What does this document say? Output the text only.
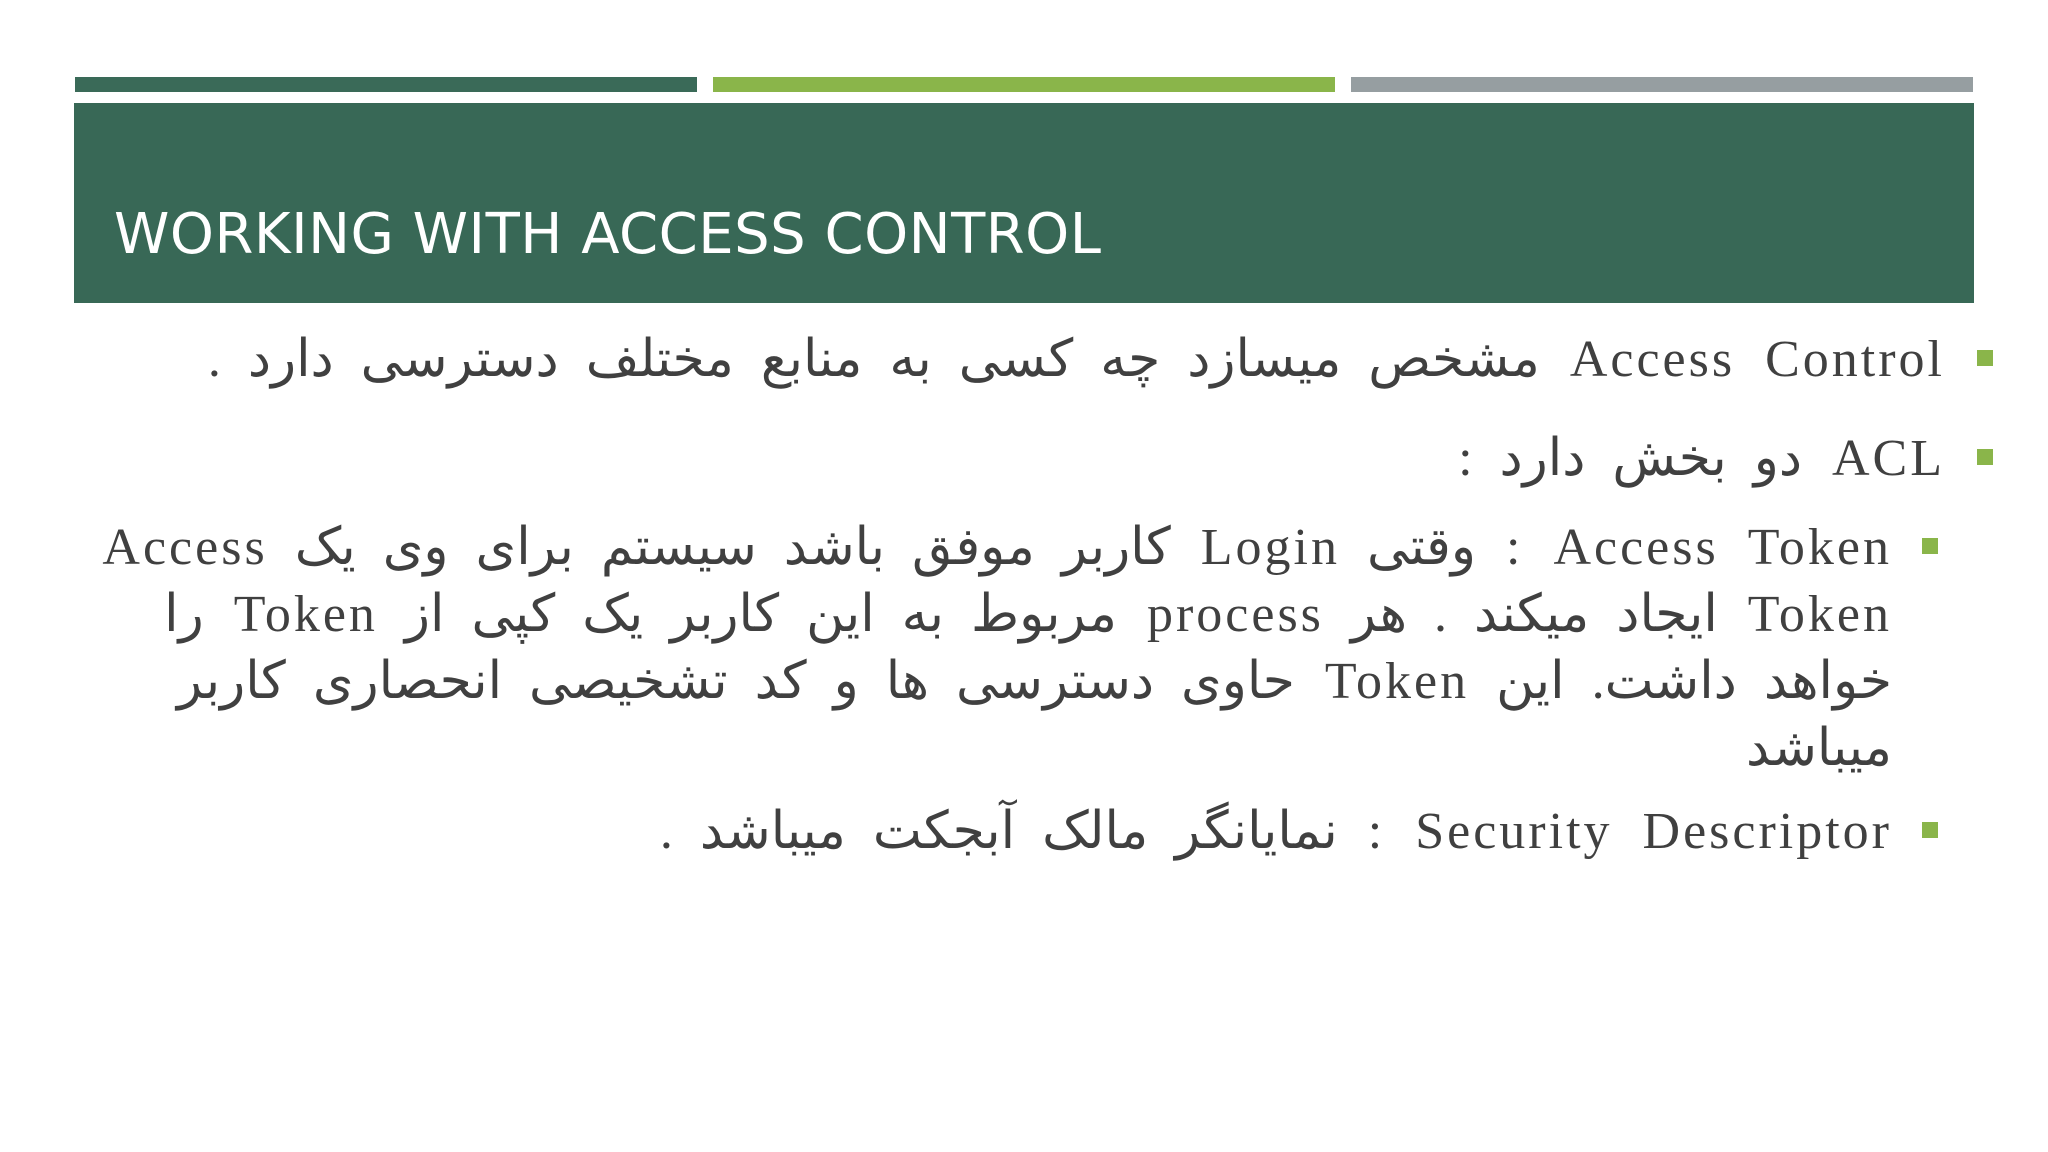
WORKING WITH ACCESS CONTROL
Access Control مشخص میسازد چه کسی به منابع مختلف دسترسی دارد .
ACL دو بخش دارد :
Access Token : وقتی Login کاربر موفق باشد سیستم برای وی یک Access Token ایجاد میکند . هر process مربوط به این کاربر یک کپی از Token را خواهد داشت. این Token حاوی دسترسی ها و کد تشخیصی انحصاری کاربر میباشد
Security Descriptor : نمایانگر مالک آبجکت میباشد .
